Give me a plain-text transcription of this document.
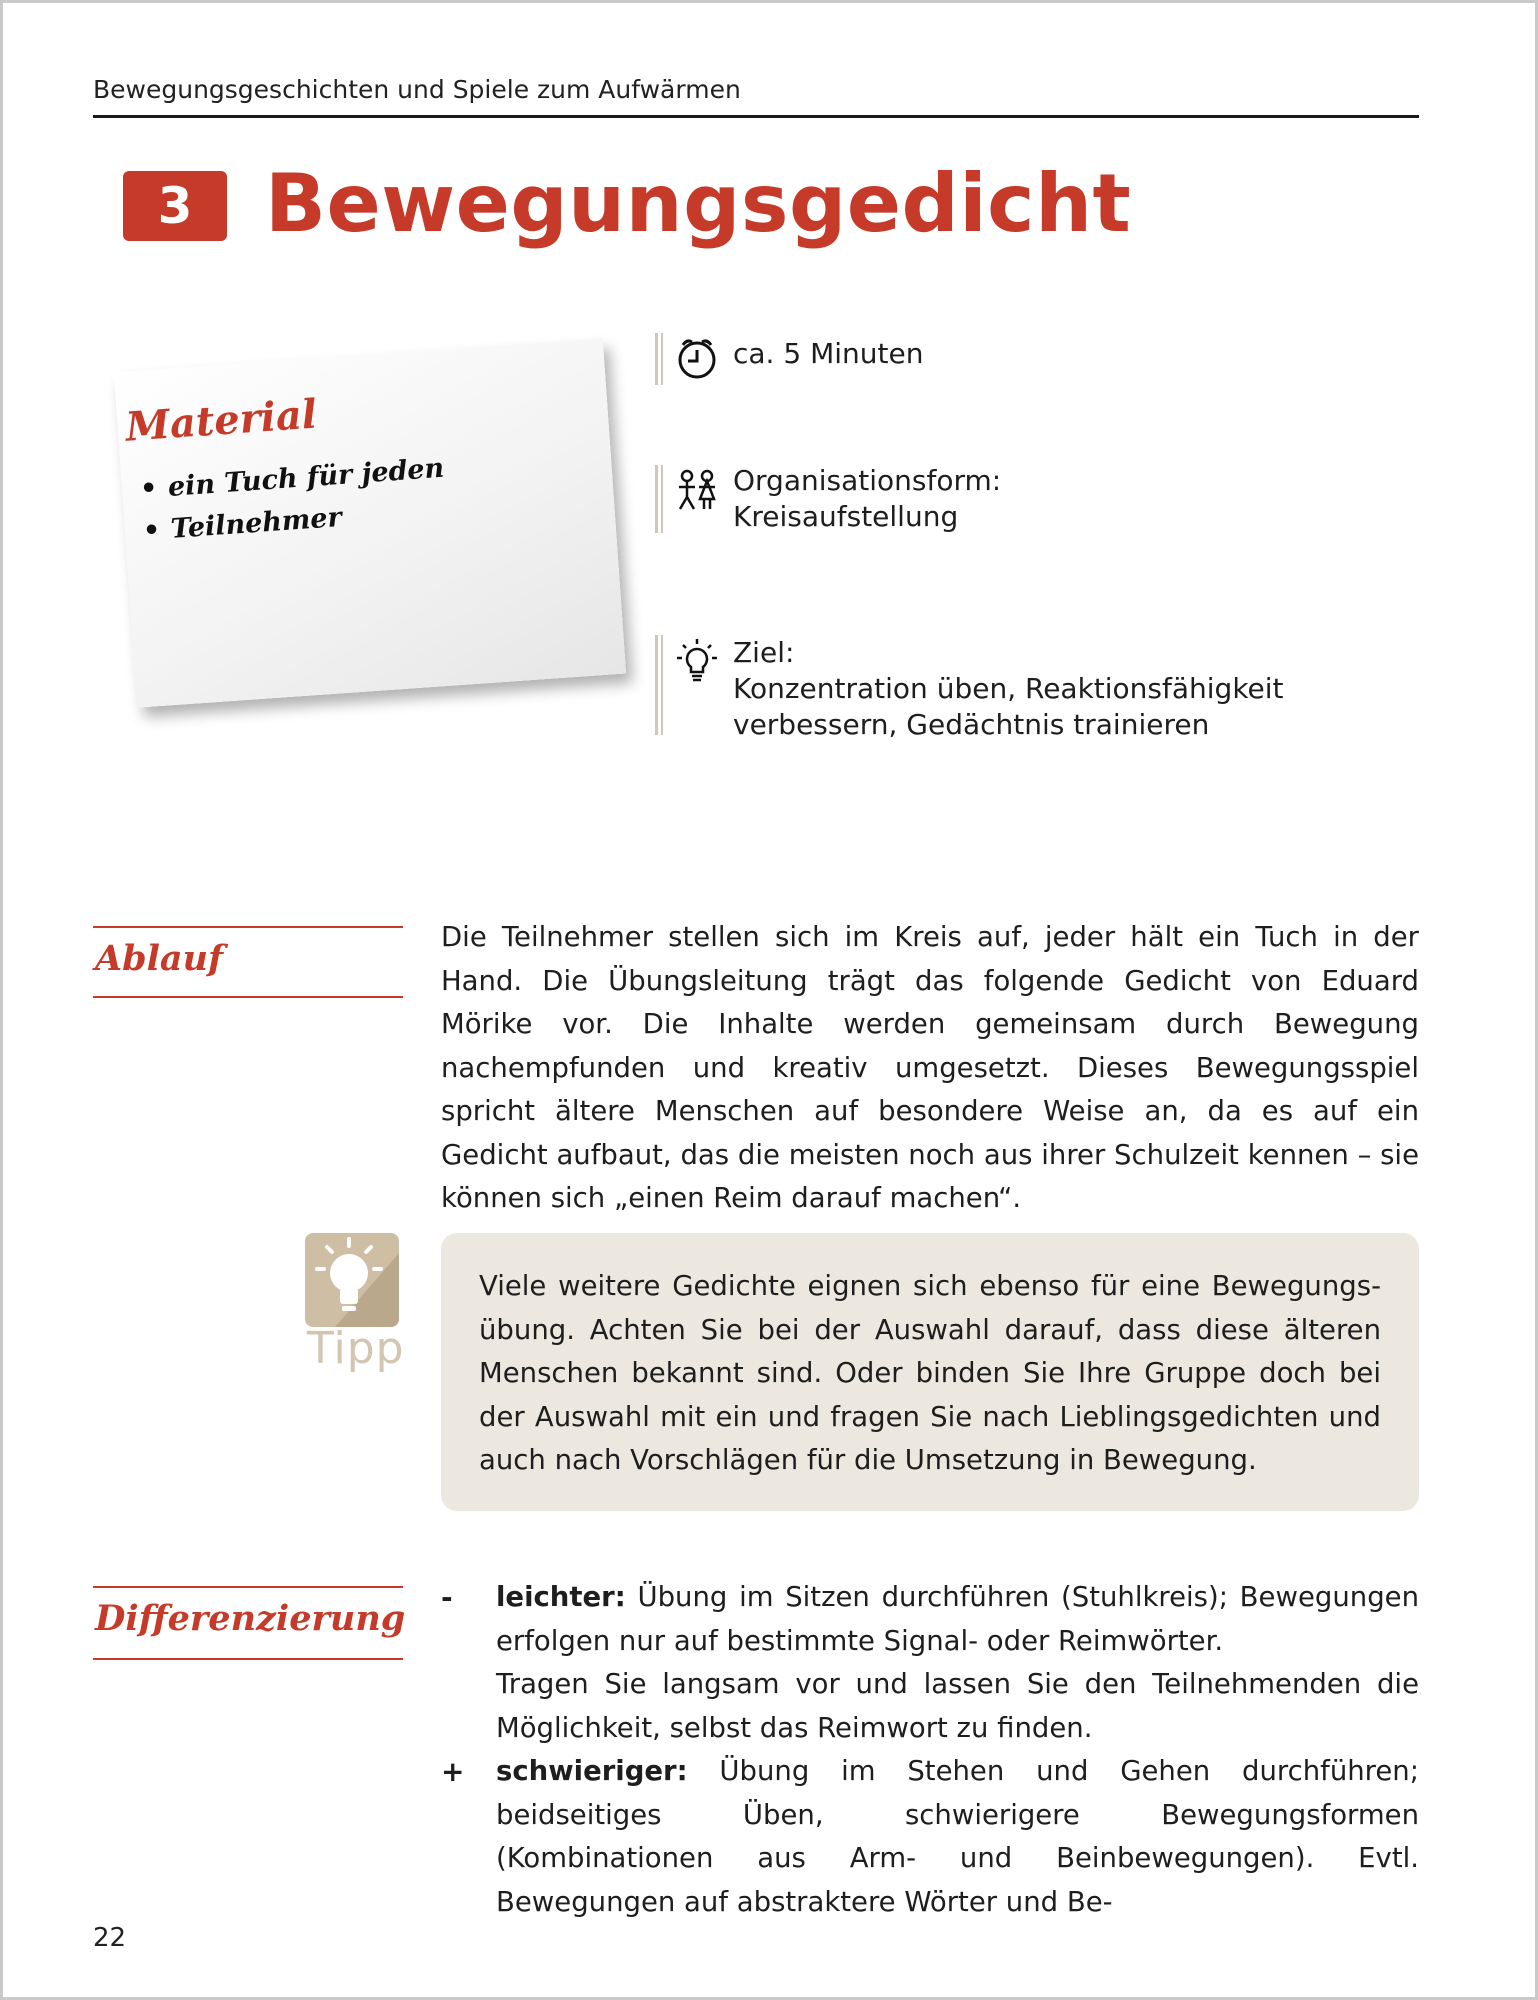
Bewegungsgeschichten und Spiele zum Aufwärmen
3 Bewegungsgedicht
Material
• ein Tuch für jeden
• Teilnehmer
ca. 5 Minuten
Organisationsform:
Kreisaufstellung
Ziel:
Konzentration üben, Reaktionsfähigkeit
verbessern, Gedächtnis trainieren
Ablauf

Die Teilnehmer stellen sich im Kreis auf, jeder hält ein Tuch in der Hand. Die Übungsleitung trägt das folgende Gedicht von Eduard Mörike vor. Die Inhalte werden gemeinsam durch Bewegung nachempfunden und kreativ umgesetzt. Dieses Bewegungsspiel spricht ältere Menschen auf besondere Weise an, da es auf ein Gedicht aufbaut, das die meisten noch aus ihrer Schulzeit kennen – sie können sich „einen Reim darauf machen“.

Tipp

Viele weitere Gedichte eignen sich ebenso für eine Bewegungsübung. Achten Sie bei der Auswahl darauf, dass diese älteren Menschen bekannt sind. Oder binden Sie Ihre Gruppe doch bei der Auswahl mit ein und fragen Sie nach Lieblingsgedichten und auch nach Vorschlägen für die Umsetzung in Bewegung.

Differenzierung
- leichter: Übung im Sitzen durchführen (Stuhlkreis); Bewegungen erfolgen nur auf bestimmte Signal- oder Reimwörter.

Tragen Sie langsam vor und lassen Sie den Teilnehmenden die Möglichkeit, selbst das Reimwort zu finden.

+ schwieriger: Übung im Stehen und Gehen durchführen; beidseitiges Üben, schwierigere Bewegungsformen (Kombinationen aus Arm- und Beinbewegungen). Evtl. Bewegungen auf abstraktere Wörter und Be-

22
